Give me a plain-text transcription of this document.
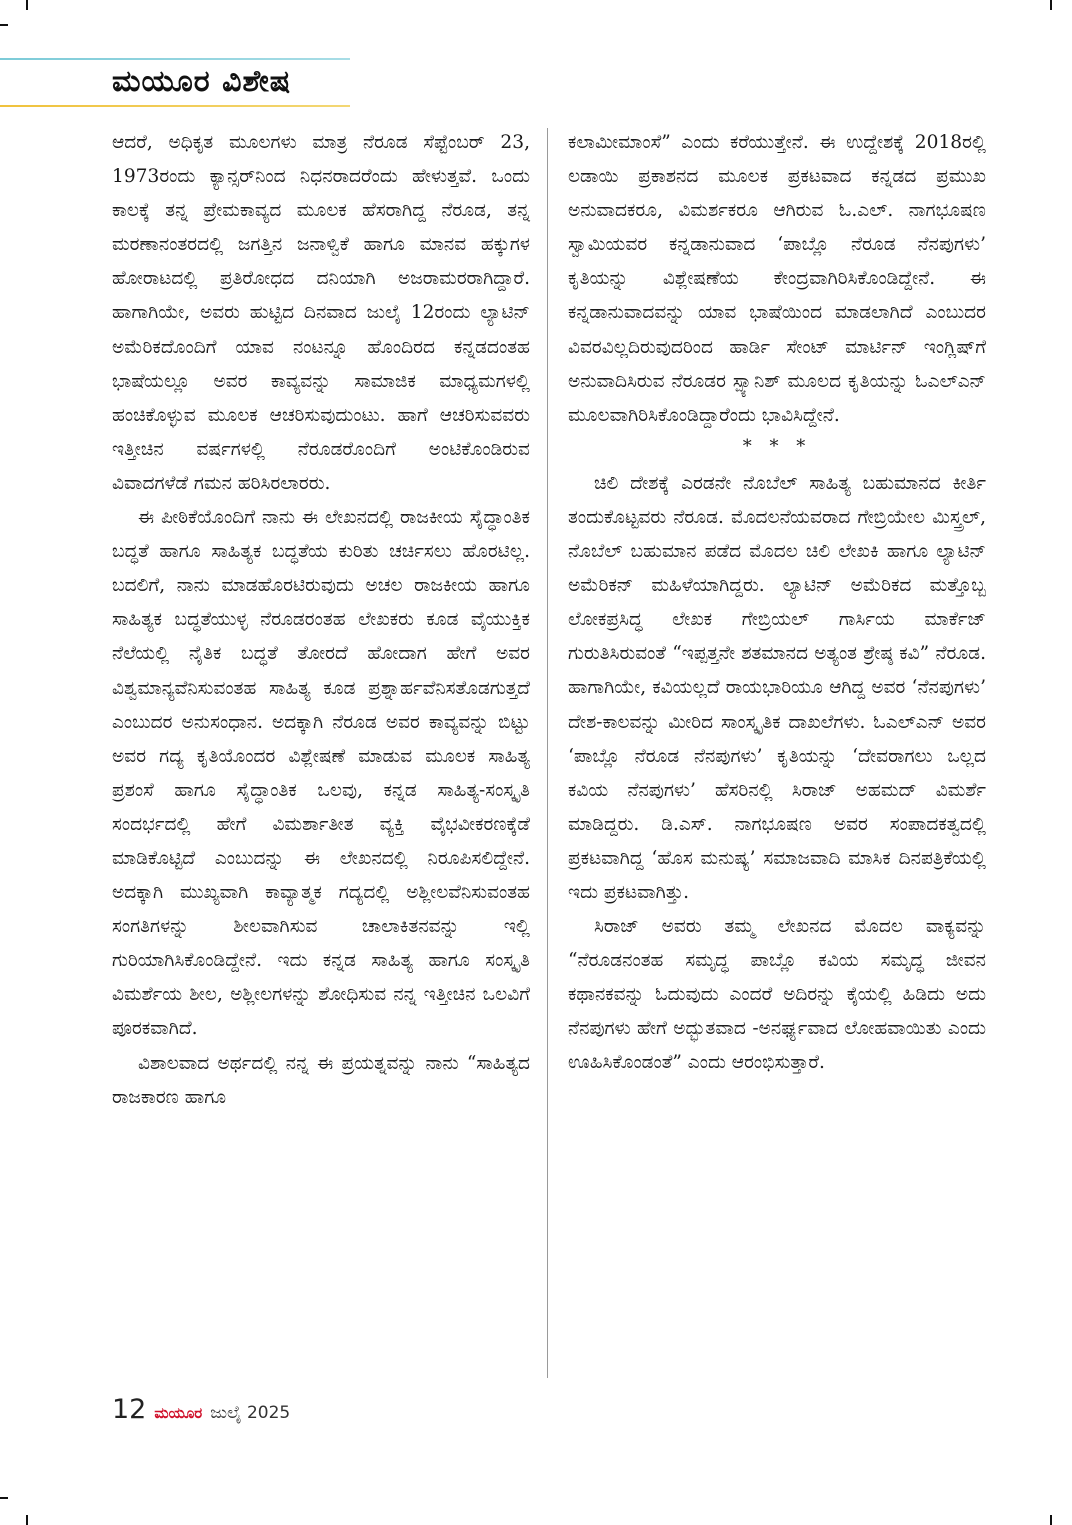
ಮಯೂರ ವಿಶೇಷ

ಆದರೆ, ಅಧಿಕೃತ ಮೂಲಗಳು ಮಾತ್ರ ನೆರೂಡ ಸೆಪ್ಟೆಂಬರ್ 23, 1973ರಂದು ಕ್ಯಾನ್ಸರ್‌ನಿಂದ ನಿಧನರಾದರೆಂದು ಹೇಳುತ್ತವೆ. ಒಂದು ಕಾಲಕ್ಕೆ ತನ್ನ ಪ್ರೇಮಕಾವ್ಯದ ಮೂಲಕ ಹೆಸರಾಗಿದ್ದ ನೆರೂಡ, ತನ್ನ ಮರಣಾನಂತರದಲ್ಲಿ ಜಗತ್ತಿನ ಜನಾಳ್ವಿಕೆ ಹಾಗೂ ಮಾನವ ಹಕ್ಕುಗಳ ಹೋರಾಟದಲ್ಲಿ ಪ್ರತಿರೋಧದ ದನಿಯಾಗಿ ಅಜರಾಮರರಾಗಿದ್ದಾರೆ. ಹಾಗಾಗಿಯೇ, ಅವರು ಹುಟ್ಟಿದ ದಿನವಾದ ಜುಲೈ 12ರಂದು ಲ್ಯಾಟಿನ್ ಅಮೆರಿಕದೊಂದಿಗೆ ಯಾವ ನಂಟನ್ನೂ ಹೊಂದಿರದ ಕನ್ನಡದಂತಹ ಭಾಷೆಯಲ್ಲೂ ಅವರ ಕಾವ್ಯವನ್ನು ಸಾಮಾಜಿಕ ಮಾಧ್ಯಮಗಳಲ್ಲಿ ಹಂಚಿಕೊಳ್ಳುವ ಮೂಲಕ ಆಚರಿಸುವುದುಂಟು. ಹಾಗೆ ಆಚರಿಸುವವರು ಇತ್ತೀಚಿನ ವರ್ಷಗಳಲ್ಲಿ ನೆರೂಡರೊಂದಿಗೆ ಅಂಟಿಕೊಂಡಿರುವ ವಿವಾದಗಳೆಡೆ ಗಮನ ಹರಿಸಿರಲಾರರು.

ಈ ಪೀಠಿಕೆಯೊಂದಿಗೆ ನಾನು ಈ ಲೇಖನದಲ್ಲಿ ರಾಜಕೀಯ ಸೈದ್ಧಾಂತಿಕ ಬದ್ಧತೆ ಹಾಗೂ ಸಾಹಿತ್ಯಕ ಬದ್ಧತೆಯ ಕುರಿತು ಚರ್ಚಿಸಲು ಹೊರಟಿಲ್ಲ. ಬದಲಿಗೆ, ನಾನು ಮಾಡಹೊರಟಿರುವುದು ಅಚಲ ರಾಜಕೀಯ ಹಾಗೂ ಸಾಹಿತ್ಯಕ ಬದ್ಧತೆಯುಳ್ಳ ನೆರೂಡರಂತಹ ಲೇಖಕರು ಕೂಡ ವೈಯುಕ್ತಿಕ ನೆಲೆಯಲ್ಲಿ ನೈತಿಕ ಬದ್ಧತೆ ತೋರದೆ ಹೋದಾಗ ಹೇಗೆ ಅವರ ವಿಶ್ವಮಾನ್ಯವೆನಿಸುವಂತಹ ಸಾಹಿತ್ಯ ಕೂಡ ಪ್ರಶ್ನಾರ್ಹವೆನಿಸತೊಡಗುತ್ತದೆ ಎಂಬುದರ ಅನುಸಂಧಾನ. ಅದಕ್ಕಾಗಿ ನೆರೂಡ ಅವರ ಕಾವ್ಯವನ್ನು ಬಿಟ್ಟು ಅವರ ಗದ್ಯ ಕೃತಿಯೊಂದರ ವಿಶ್ಲೇಷಣೆ ಮಾಡುವ ಮೂಲಕ ಸಾಹಿತ್ಯ ಪ್ರಶಂಸೆ ಹಾಗೂ ಸೈದ್ಧಾಂತಿಕ ಒಲವು, ಕನ್ನಡ ಸಾಹಿತ್ಯ-ಸಂಸ್ಕೃತಿ ಸಂದರ್ಭದಲ್ಲಿ ಹೇಗೆ ವಿಮರ್ಶಾತೀತ ವ್ಯಕ್ತಿ ವೈಭವೀಕರಣಕ್ಕೆಡೆ ಮಾಡಿಕೊಟ್ಟಿದೆ ಎಂಬುದನ್ನು ಈ ಲೇಖನದಲ್ಲಿ ನಿರೂಪಿಸಲಿದ್ದೇನೆ. ಅದಕ್ಕಾಗಿ ಮುಖ್ಯವಾಗಿ ಕಾವ್ಯಾತ್ಮಕ ಗದ್ಯದಲ್ಲಿ ಅಶ್ಲೀಲವೆನಿಸುವಂತಹ ಸಂಗತಿಗಳನ್ನು ಶೀಲವಾಗಿಸುವ ಚಾಲಾಕಿತನವನ್ನು ಇಲ್ಲಿ ಗುರಿಯಾಗಿಸಿಕೊಂಡಿದ್ದೇನೆ. ಇದು ಕನ್ನಡ ಸಾಹಿತ್ಯ ಹಾಗೂ ಸಂಸ್ಕೃತಿ ವಿಮರ್ಶೆಯ ಶೀಲ, ಅಶ್ಲೀಲಗಳನ್ನು ಶೋಧಿಸುವ ನನ್ನ ಇತ್ತೀಚಿನ ಒಲವಿಗೆ ಪೂರಕವಾಗಿದೆ.

ವಿಶಾಲವಾದ ಅರ್ಥದಲ್ಲಿ ನನ್ನ ಈ ಪ್ರಯತ್ನವನ್ನು ನಾನು “ಸಾಹಿತ್ಯದ ರಾಜಕಾರಣ ಹಾಗೂ

ಕಲಾಮೀಮಾಂಸೆ” ಎಂದು ಕರೆಯುತ್ತೇನೆ. ಈ ಉದ್ದೇಶಕ್ಕೆ 2018ರಲ್ಲಿ ಲಡಾಯಿ ಪ್ರಕಾಶನದ ಮೂಲಕ ಪ್ರಕಟವಾದ ಕನ್ನಡದ ಪ್ರಮುಖ ಅನುವಾದಕರೂ, ವಿಮರ್ಶಕರೂ ಆಗಿರುವ ಓ.ಎಲ್. ನಾಗಭೂಷಣ ಸ್ವಾಮಿಯವರ ಕನ್ನಡಾನುವಾದ ‘ಪಾಬ್ಲೊ ನೆರೂಡ ನೆನಪುಗಳು’ ಕೃತಿಯನ್ನು ವಿಶ್ಲೇಷಣೆಯ ಕೇಂದ್ರವಾಗಿರಿಸಿಕೊಂಡಿದ್ದೇನೆ. ಈ ಕನ್ನಡಾನುವಾದವನ್ನು ಯಾವ ಭಾಷೆಯಿಂದ ಮಾಡಲಾಗಿದೆ ಎಂಬುದರ ವಿವರವಿಲ್ಲದಿರುವುದರಿಂದ ಹಾರ್ಡಿ ಸೇಂಟ್ ಮಾರ್ಟಿನ್ ಇಂಗ್ಲಿಷ್‌ಗೆ ಅನುವಾದಿಸಿರುವ ನೆರೂಡರ ಸ್ಪ್ಯಾನಿಶ್ ಮೂಲದ ಕೃತಿಯನ್ನು ಓಎಲ್‌ಎನ್ ಮೂಲವಾಗಿರಿಸಿಕೊಂಡಿದ್ದಾರೆಂದು ಭಾವಿಸಿದ್ದೇನೆ.

* * *

ಚಿಲಿ ದೇಶಕ್ಕೆ ಎರಡನೇ ನೊಬೆಲ್ ಸಾಹಿತ್ಯ ಬಹುಮಾನದ ಕೀರ್ತಿ ತಂದುಕೊಟ್ಟವರು ನೆರೂಡ. ಮೊದಲನೆಯವರಾದ ಗೇಬ್ರಿಯೇಲ ಮಿಸ್ತ್ರಲ್, ನೊಬೆಲ್ ಬಹುಮಾನ ಪಡೆದ ಮೊದಲ ಚಿಲಿ ಲೇಖಕಿ ಹಾಗೂ ಲ್ಯಾಟಿನ್ ಅಮೆರಿಕನ್ ಮಹಿಳೆಯಾಗಿದ್ದರು. ಲ್ಯಾಟಿನ್ ಅಮೆರಿಕದ ಮತ್ತೊಬ್ಬ ಲೋಕಪ್ರಸಿದ್ಧ ಲೇಖಕ ಗೇಬ್ರಿಯಲ್ ಗಾರ್ಸಿಯ ಮಾರ್ಕೆಜ್ ಗುರುತಿಸಿರುವಂತೆ “ಇಪ್ಪತ್ತನೇ ಶತಮಾನದ ಅತ್ಯಂತ ಶ್ರೇಷ್ಠ ಕವಿ” ನೆರೂಡ. ಹಾಗಾಗಿಯೇ, ಕವಿಯಲ್ಲದೆ ರಾಯಭಾರಿಯೂ ಆಗಿದ್ದ ಅವರ ‘ನೆನಪುಗಳು’ ದೇಶ-ಕಾಲವನ್ನು ಮೀರಿದ ಸಾಂಸ್ಕೃತಿಕ ದಾಖಲೆಗಳು. ಓಎಲ್‌ಎನ್ ಅವರ ‘ಪಾಬ್ಲೊ ನೆರೂಡ ನೆನಪುಗಳು’ ಕೃತಿಯನ್ನು ‘ದೇವರಾಗಲು ಒಲ್ಲದ ಕವಿಯ ನೆನಪುಗಳು’ ಹೆಸರಿನಲ್ಲಿ ಸಿರಾಜ್ ಅಹಮದ್ ವಿಮರ್ಶೆ ಮಾಡಿದ್ದರು. ಡಿ.ಎಸ್. ನಾಗಭೂಷಣ ಅವರ ಸಂಪಾದಕತ್ವದಲ್ಲಿ ಪ್ರಕಟವಾಗಿದ್ದ ‘ಹೊಸ ಮನುಷ್ಯ’ ಸಮಾಜವಾದಿ ಮಾಸಿಕ ದಿನಪತ್ರಿಕೆಯಲ್ಲಿ ಇದು ಪ್ರಕಟವಾಗಿತ್ತು.

ಸಿರಾಜ್ ಅವರು ತಮ್ಮ ಲೇಖನದ ಮೊದಲ ವಾಕ್ಯವನ್ನು “ನೆರೂಡನಂತಹ ಸಮೃದ್ಧ ಪಾಬ್ಲೊ ಕವಿಯ ಸಮೃದ್ಧ ಜೀವನ ಕಥಾನಕವನ್ನು ಓದುವುದು ಎಂದರೆ ಅದಿರನ್ನು ಕೈಯಲ್ಲಿ ಹಿಡಿದು ಅದು ನೆನಪುಗಳು ಹೇಗೆ ಅದ್ಭುತವಾದ -ಅನರ್ಘ್ಯವಾದ ಲೋಹವಾಯಿತು ಎಂದು ಊಹಿಸಿಕೊಂಡಂತೆ” ಎಂದು ಆರಂಭಿಸುತ್ತಾರೆ.

12 ಮಯೂರ ಜುಲೈ 2025
